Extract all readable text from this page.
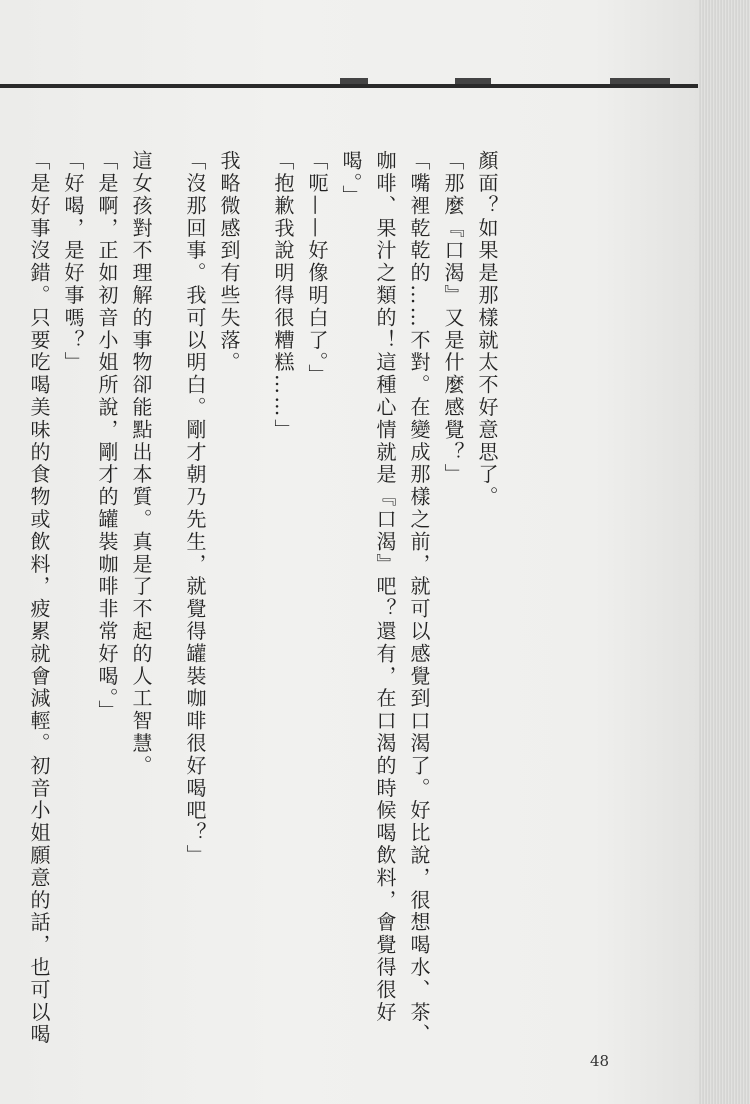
顏面？如果是那樣就太不好意思了。

「那麼『口渴』又是什麼感覺？」

「嘴裡乾乾的……不對。在變成那樣之前，就可以感覺到口渴了。好比說，很想喝水、茶、

咖啡、果汁之類的！這種心情就是『口渴』吧？還有，在口渴的時候喝飲料，會覺得很好喝。」

「呃——好像明白了。」

「抱歉我說明得很糟糕……」

我略微感到有些失落。

「沒那回事。我可以明白。剛才朝乃先生，就覺得罐裝咖啡很好喝吧？」

這女孩對不理解的事物卻能點出本質。真是了不起的人工智慧。

「是啊，正如初音小姐所說，剛才的罐裝咖啡非常好喝。」

「好喝，是好事嗎？」

「是好事沒錯。只要吃喝美味的食物或飲料，疲累就會減輕。初音小姐願意的話，也可以喝

48
